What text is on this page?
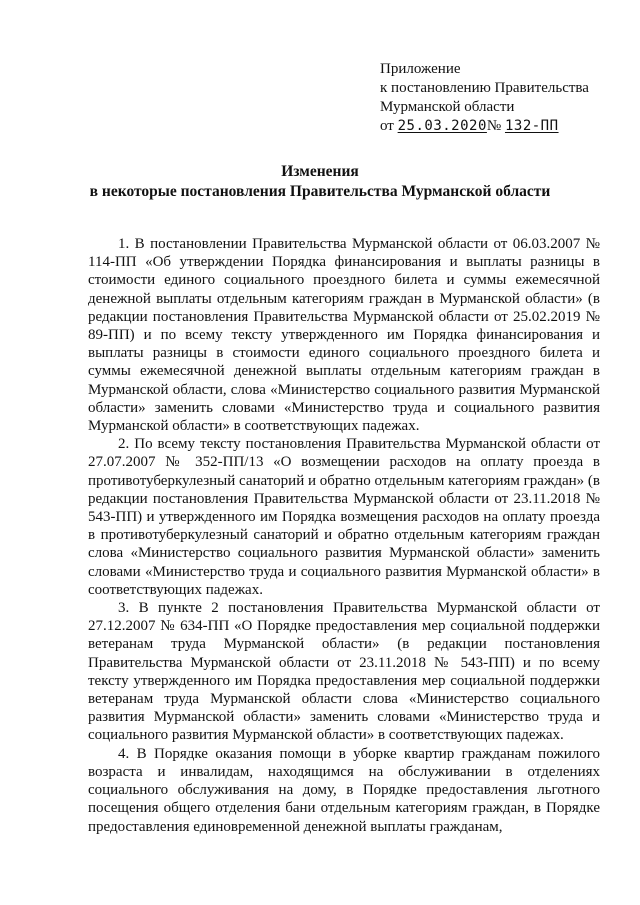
Приложение
к постановлению Правительства
Мурманской области
от 25.03.2020№ 132-ПП
Изменения
в некоторые постановления Правительства Мурманской области

1. В постановлении Правительства Мурманской области от 06.03.2007 № 114-ПП «Об утверждении Порядка финансирования и выплаты разницы в стоимости единого социального проездного билета и суммы ежемесячной денежной выплаты отдельным категориям граждан в Мурманской области» (в редакции постановления Правительства Мурманской области от 25.02.2019 № 89-ПП) и по всему тексту утвержденного им Порядка финансирования и выплаты разницы в стоимости единого социального проездного билета и суммы ежемесячной денежной выплаты отдельным категориям граждан в Мурманской области, слова «Министерство социального развития Мурманской области» заменить словами «Министерство труда и социального развития Мурманской области» в соответствующих падежах.

2. По всему тексту постановления Правительства Мурманской области от 27.07.2007 № 352-ПП/13 «О возмещении расходов на оплату проезда в противотуберкулезный санаторий и обратно отдельным категориям граждан» (в редакции постановления Правительства Мурманской области от 23.11.2018 № 543-ПП) и утвержденного им Порядка возмещения расходов на оплату проезда в противотуберкулезный санаторий и обратно отдельным категориям граждан слова «Министерство социального развития Мурманской области» заменить словами «Министерство труда и социального развития Мурманской области» в соответствующих падежах.

3. В пункте 2 постановления Правительства Мурманской области от 27.12.2007 № 634-ПП «О Порядке предоставления мер социальной поддержки ветеранам труда Мурманской области» (в редакции постановления Правительства Мурманской области от 23.11.2018 № 543-ПП) и по всему тексту утвержденного им Порядка предоставления мер социальной поддержки ветеранам труда Мурманской области слова «Министерство социального развития Мурманской области» заменить словами «Министерство труда и социального развития Мурманской области» в соответствующих падежах.

4. В Порядке оказания помощи в уборке квартир гражданам пожилого возраста и инвалидам, находящимся на обслуживании в отделениях социального обслуживания на дому, в Порядке предоставления льготного посещения общего отделения бани отдельным категориям граждан, в Порядке предоставления единовременной денежной выплаты гражданам,
